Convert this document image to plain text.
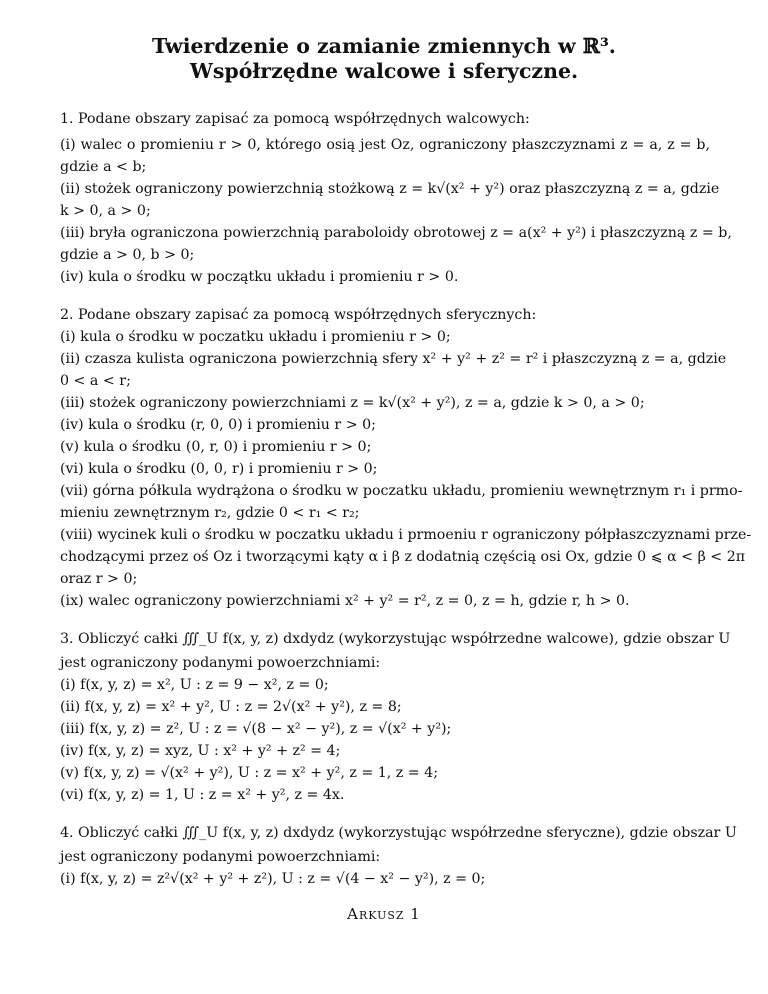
Twierdzenie o zamianie zmiennych w ℝ³.
Współrzędne walcowe i sferyczne.
1. Podane obszary zapisać za pomocą współrzędnych walcowych:
(i) walec o promieniu r > 0, którego osią jest Oz, ograniczony płaszczyznami z = a, z = b,
gdzie a < b;
(ii) stożek ograniczony powierzchnią stożkową z = k√(x² + y²) oraz płaszczyzną z = a, gdzie
k > 0, a > 0;
(iii) bryła ograniczona powierzchnią paraboloidy obrotowej z = a(x² + y²) i płaszczyzną z = b,
gdzie a > 0, b > 0;
(iv) kula o środku w początku układu i promieniu r > 0.
2. Podane obszary zapisać za pomocą współrzędnych sferycznych:
(i) kula o środku w poczatku układu i promieniu r > 0;
(ii) czasza kulista ograniczona powierzchnią sfery x² + y² + z² = r² i płaszczyzną z = a, gdzie
0 < a < r;
(iii) stożek ograniczony powierzchniami z = k√(x² + y²), z = a, gdzie k > 0, a > 0;
(iv) kula o środku (r, 0, 0) i promieniu r > 0;
(v) kula o środku (0, r, 0) i promieniu r > 0;
(vi) kula o środku (0, 0, r) i promieniu r > 0;
(vii) górna półkula wydrążona o środku w poczatku układu, promieniu wewnętrznym r₁ i prmo-
mieniu zewnętrznym r₂, gdzie 0 < r₁ < r₂;
(viii) wycinek kuli o środku w poczatku układu i prmoeniu r ograniczony półpłaszczyznami prze-
chodzącymi przez oś Oz i tworzącymi kąty α i β z dodatnią częścią osi Ox, gdzie 0 ⩽ α < β < 2π
oraz r > 0;
(ix) walec ograniczony powierzchniami x² + y² = r², z = 0, z = h, gdzie r, h > 0.
3. Obliczyć całki ∭_U f(x, y, z) dxdydz (wykorzystując współrzedne walcowe), gdzie obszar U
jest ograniczony podanymi powoerzchniami:
(i) f(x, y, z) = x², U : z = 9 − x², z = 0;
(ii) f(x, y, z) = x² + y², U : z = 2√(x² + y²), z = 8;
(iii) f(x, y, z) = z², U : z = √(8 − x² − y²), z = √(x² + y²);
(iv) f(x, y, z) = xyz, U : x² + y² + z² = 4;
(v) f(x, y, z) = √(x² + y²), U : z = x² + y², z = 1, z = 4;
(vi) f(x, y, z) = 1, U : z = x² + y², z = 4x.
4. Obliczyć całki ∭_U f(x, y, z) dxdydz (wykorzystując współrzedne sferyczne), gdzie obszar U
jest ograniczony podanymi powoerzchniami:
(i) f(x, y, z) = z²√(x² + y² + z²), U : z = √(4 − x² − y²), z = 0;
Arkusz 1
